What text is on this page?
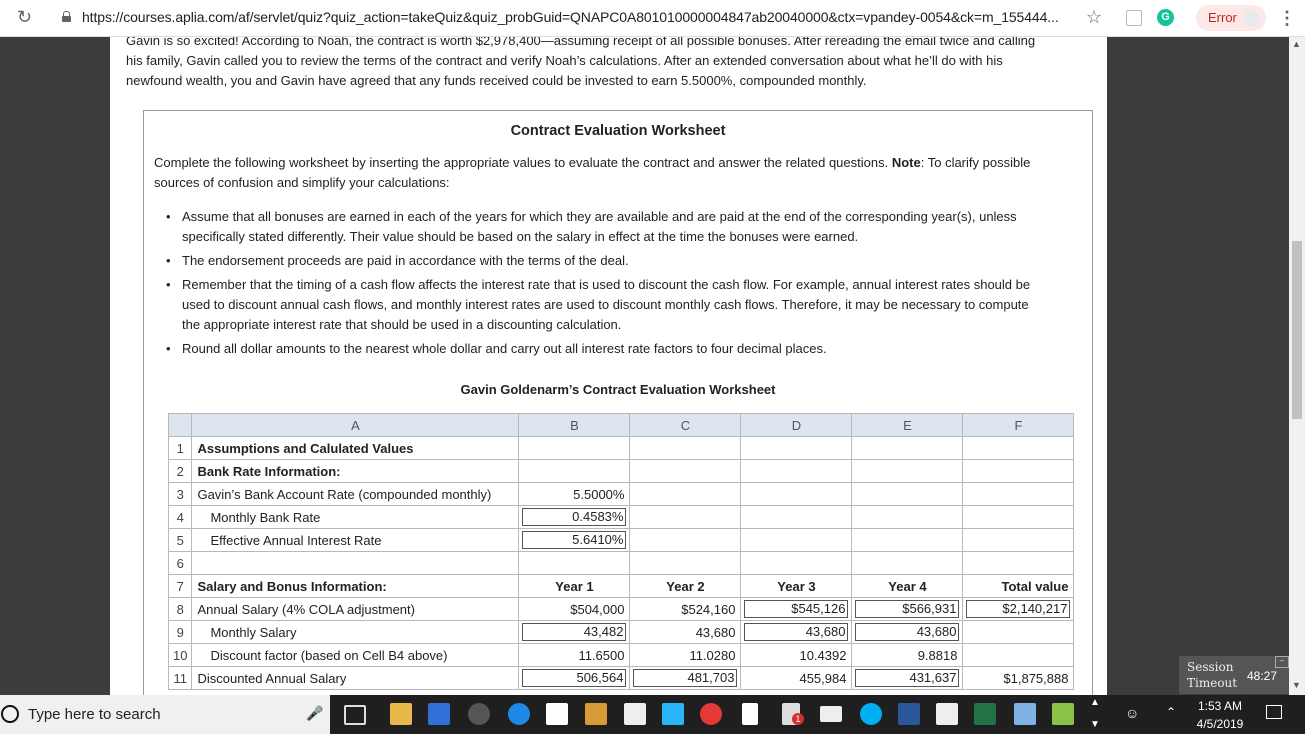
↻	https://courses.aplia.com/af/servlet/quiz?quiz_action=takeQuiz&quiz_probGuid=QNAPC0A801010000004847ab20040000&ctx=vpandey-0054&ck=m_155444... ☆	G	Error	⋮
▲
▼
Gavin is so excited! According to Noah, the contract is worth $2,978,400—assuming receipt of all possible bonuses. After rereading the email twice and calling
his family, Gavin called you to review the terms of the contract and verify Noah’s calculations. After an extended conversation about what he’ll do with his
newfound wealth, you and Gavin have agreed that any funds received could be invested to earn 5.5000%, compounded monthly.
Contract Evaluation Worksheet
Complete the following worksheet by inserting the appropriate values to evaluate the contract and answer the related questions. Note: To clarify possible sources of confusion and simplify your calculations:
• Assume that all bonuses are earned in each of the years for which they are available and are paid at the end of the corresponding year(s), unless specifically stated differently. Their value should be based on the salary in effect at the time the bonuses were earned.
• The endorsement proceeds are paid in accordance with the terms of the deal.
• Remember that the timing of a cash flow affects the interest rate that is used to discount the cash flow. For example, annual interest rates should be used to discount annual cash flows, and monthly interest rates are used to discount monthly cash flows. Therefore, it may be necessary to compute the appropriate interest rate that should be used in a discounting calculation.
• Round all dollar amounts to the nearest whole dollar and carry out all interest rate factors to four decimal places.
Gavin Goldenarm’s Contract Evaluation Worksheet
	A	B	C	D	E	F
1	Assumptions and Calulated Values					
2	Bank Rate Information:					
3	Gavin’s Bank Account Rate (compounded monthly)	5.5000%				
4	Monthly Bank Rate	0.4583%				

5	Effective Annual Interest Rate	5.6410%				

6						
7	Salary and Bonus Information:	Year 1	Year 2	Year 3	Year 4	Total value
8	Annual Salary (4% COLA adjustment)	$504,000	$524,160	$545,126	$566,931	$2,140,217

9	Monthly Salary	43,482	43,680	43,680	43,680	

10	Discount factor (based on Cell B4 above)	11.6500	11.0280	10.4392	9.8818	
11	Discounted Annual Salary	506,564	481,703	455,984	431,637	$1,875,888
Session
Timeout 48:27
–
Type here to search	🎤	1
▲
▼
☺ ⌃	1:53 AM
4/5/2019
